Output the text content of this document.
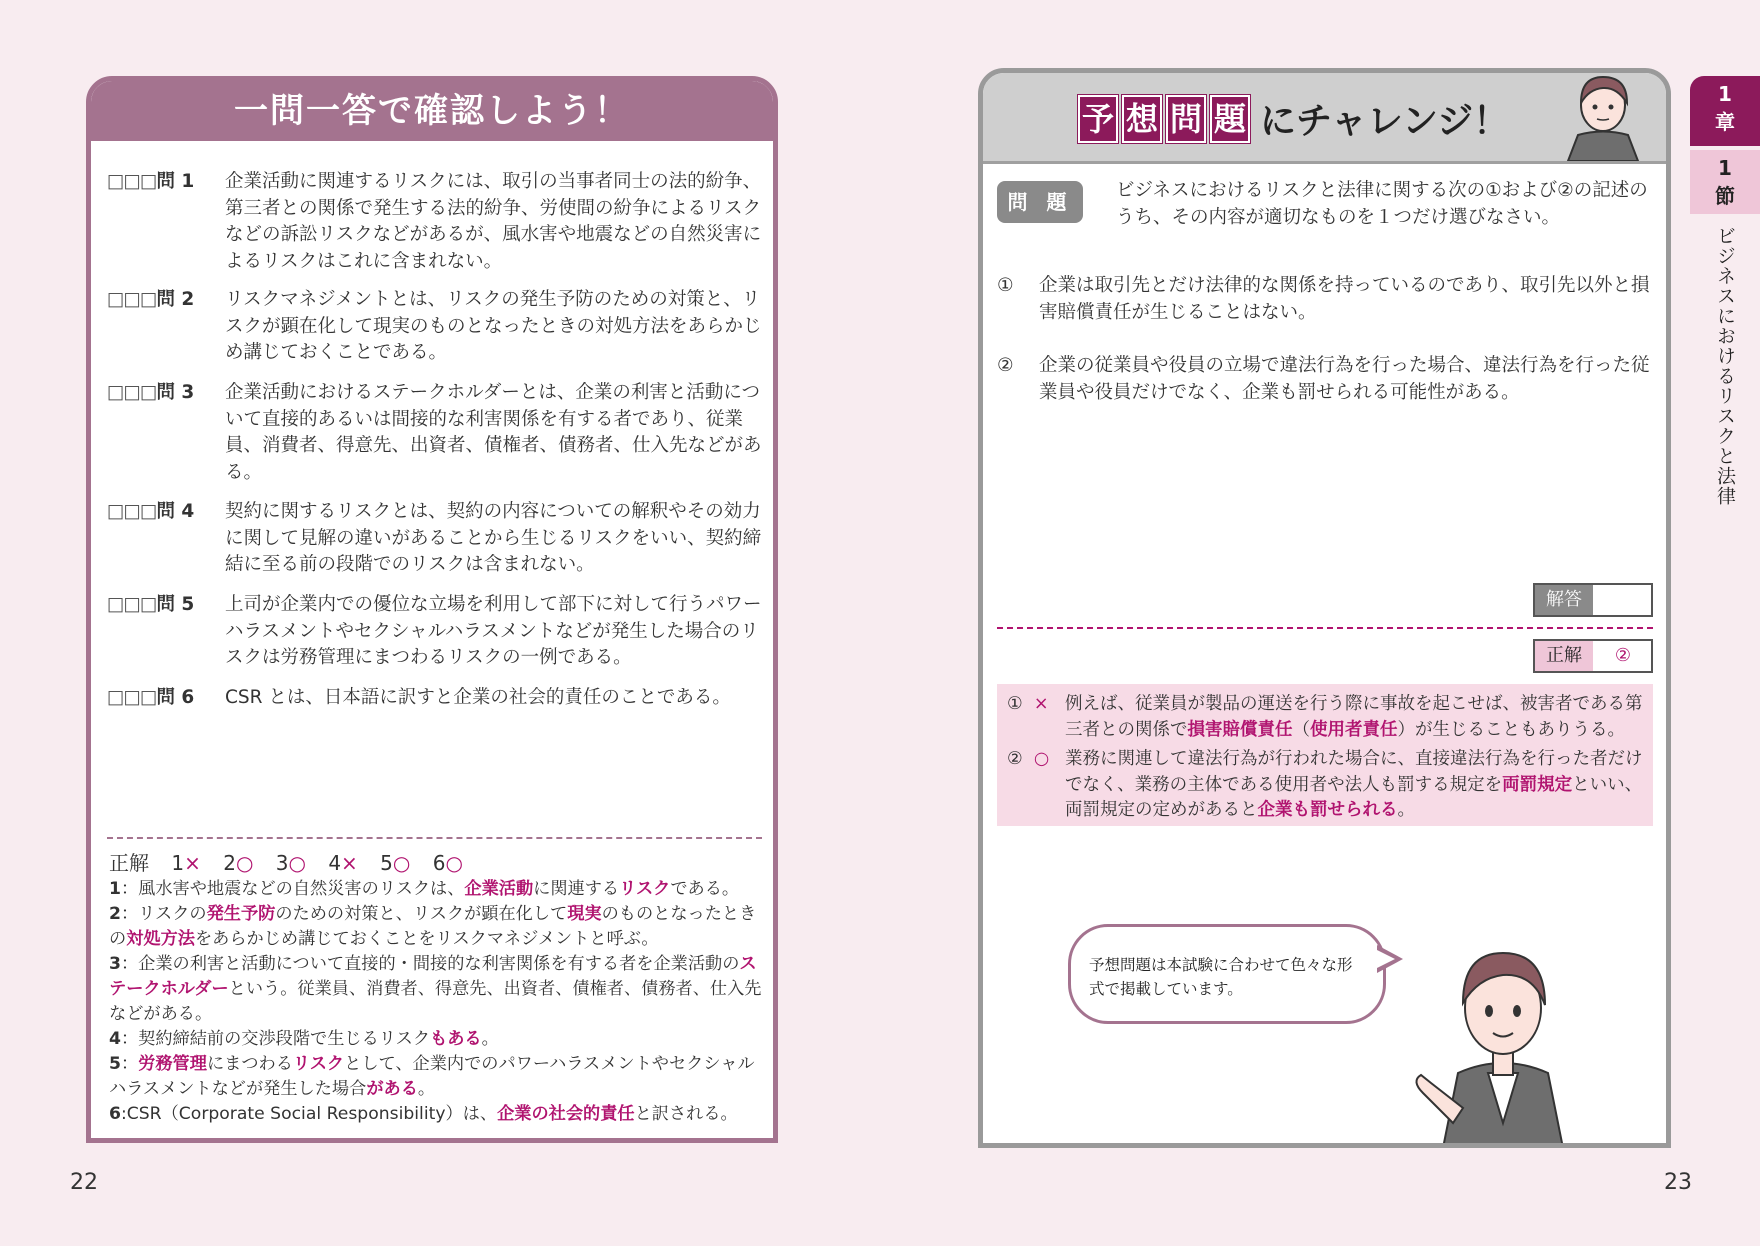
一問一答で確認しよう！
□□□問 1	企業活動に関連するリスクには、取引の当事者同士の法的紛争、第三者との関係で発生する法的紛争、労使間の紛争によるリスクなどの訴訟リスクなどがあるが、風水害や地震などの自然災害によるリスクはこれに含まれない。
□□□問 2	リスクマネジメントとは、リスクの発生予防のための対策と、リスクが顕在化して現実のものとなったときの対処方法をあらかじめ講じておくことである。
□□□問 3	企業活動におけるステークホルダーとは、企業の利害と活動について直接的あるいは間接的な利害関係を有する者であり、従業員、消費者、得意先、出資者、債権者、債務者、仕入先などがある。
□□□問 4	契約に関するリスクとは、契約の内容についての解釈やその効力に関して見解の違いがあることから生じるリスクをいい、契約締結に至る前の段階でのリスクは含まれない。
□□□問 5	上司が企業内での優位な立場を利用して部下に対して行うパワーハラスメントやセクシャルハラスメントなどが発生した場合のリスクは労務管理にまつわるリスクの一例である。
□□□問 6	CSR とは、日本語に訳すと企業の社会的責任のことである。
正解 1× 2○ 3○ 4× 5○ 6○
1：風水害や地震などの自然災害のリスクは、企業活動に関連するリスクである。
2：リスクの発生予防のための対策と、リスクが顕在化して現実のものとなったときの対処方法をあらかじめ講じておくことをリスクマネジメントと呼ぶ。
3：企業の利害と活動について直接的・間接的な利害関係を有する者を企業活動のステークホルダーという。従業員、消費者、得意先、出資者、債権者、債務者、仕入先などがある。
4：契約締結前の交渉段階で生じるリスクもある。
5：労務管理にまつわるリスクとして、企業内でのパワーハラスメントやセクシャルハラスメントなどが発生した場合がある。
6:CSR（Corporate Social Responsibility）は、企業の社会的責任と訳される。
22
予 想 問 題 にチャレンジ！
問 題	ビジネスにおけるリスクと法律に関する次の①および②の記述のうち、その内容が適切なものを１つだけ選びなさい。
① 企業は取引先とだけ法律的な関係を持っているのであり、取引先以外と損害賠償責任が生じることはない。
② 企業の従業員や役員の立場で違法行為を行った場合、違法行為を行った従業員や役員だけでなく、企業も罰せられる可能性がある。
解答
正解	②
① × 例えば、従業員が製品の運送を行う際に事故を起こせば、被害者である第三者との関係で損害賠償責任（使用者責任）が生じることもありうる。
② ○ 業務に関連して違法行為が行われた場合に、直接違法行為を行った者だけでなく、業務の主体である使用者や法人も罰する規定を両罰規定といい、両罰規定の定めがあると企業も罰せられる。
予想問題は本試験に合わせて色々な形式で掲載しています。
23
1
章
1
節
ビジネスにおけるリスクと法律
